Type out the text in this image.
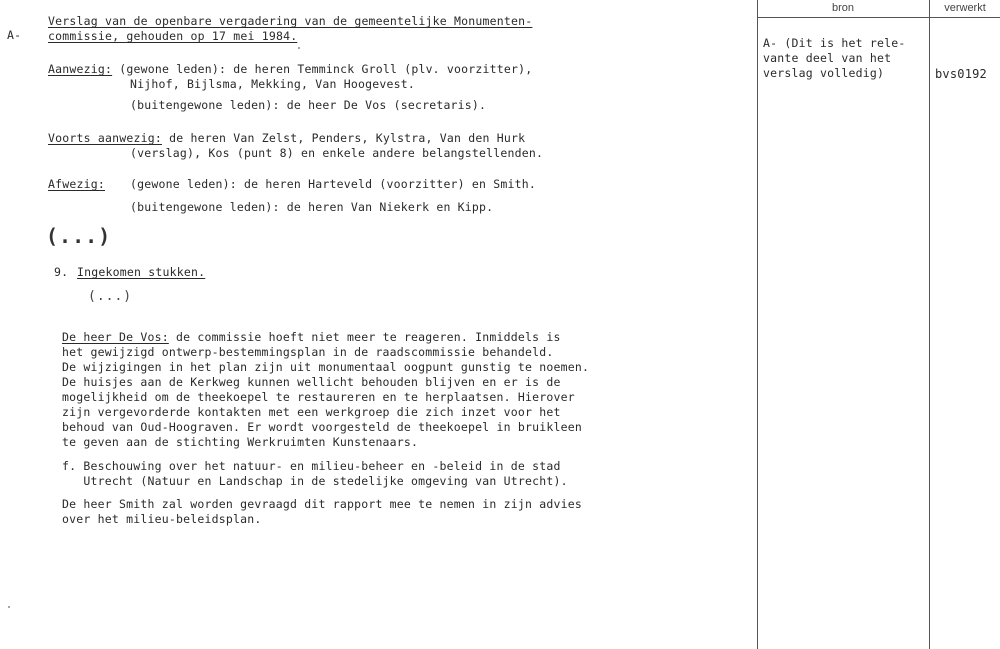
bron	verwerkt
A- (Dit is het rele-
vante deel van het
verslag volledig)	bvs0192
A-
Verslag van de openbare vergadering van de gemeentelijke Monumenten-
commissie, gehouden op 17 mei 1984.
Aanwezig: (gewone leden): de heren Temminck Groll (plv. voorzitter),
Nijhof, Bijlsma, Mekking, Van Hoogevest.
(buitengewone leden): de heer De Vos (secretaris).
Voorts aanwezig: de heren Van Zelst, Penders, Kylstra, Van den Hurk
(verslag), Kos (punt 8) en enkele andere belangstellenden.
Afwezig: (gewone leden): de heren Harteveld (voorzitter) en Smith.
(buitengewone leden): de heren Van Niekerk en Kipp.
(...)
9. Ingekomen stukken.
(...)
De heer De Vos: de commissie hoeft niet meer te reageren. Inmiddels is
het gewijzigd ontwerp-bestemmingsplan in de raadscommissie behandeld.
De wijzigingen in het plan zijn uit monumentaal oogpunt gunstig te noemen.
De huisjes aan de Kerkweg kunnen wellicht behouden blijven en er is de
mogelijkheid om de theekoepel te restaureren en te herplaatsen. Hierover
zijn vergevorderde kontakten met een werkgroep die zich inzet voor het
behoud van Oud-Hoograven. Er wordt voorgesteld de theekoepel in bruikleen
te geven aan de stichting Werkruimten Kunstenaars.
f. Beschouwing over het natuur- en milieu-beheer en -beleid in de stad
Utrecht (Natuur en Landschap in de stedelijke omgeving van Utrecht).
De heer Smith zal worden gevraagd dit rapport mee te nemen in zijn advies
over het milieu-beleidsplan.
